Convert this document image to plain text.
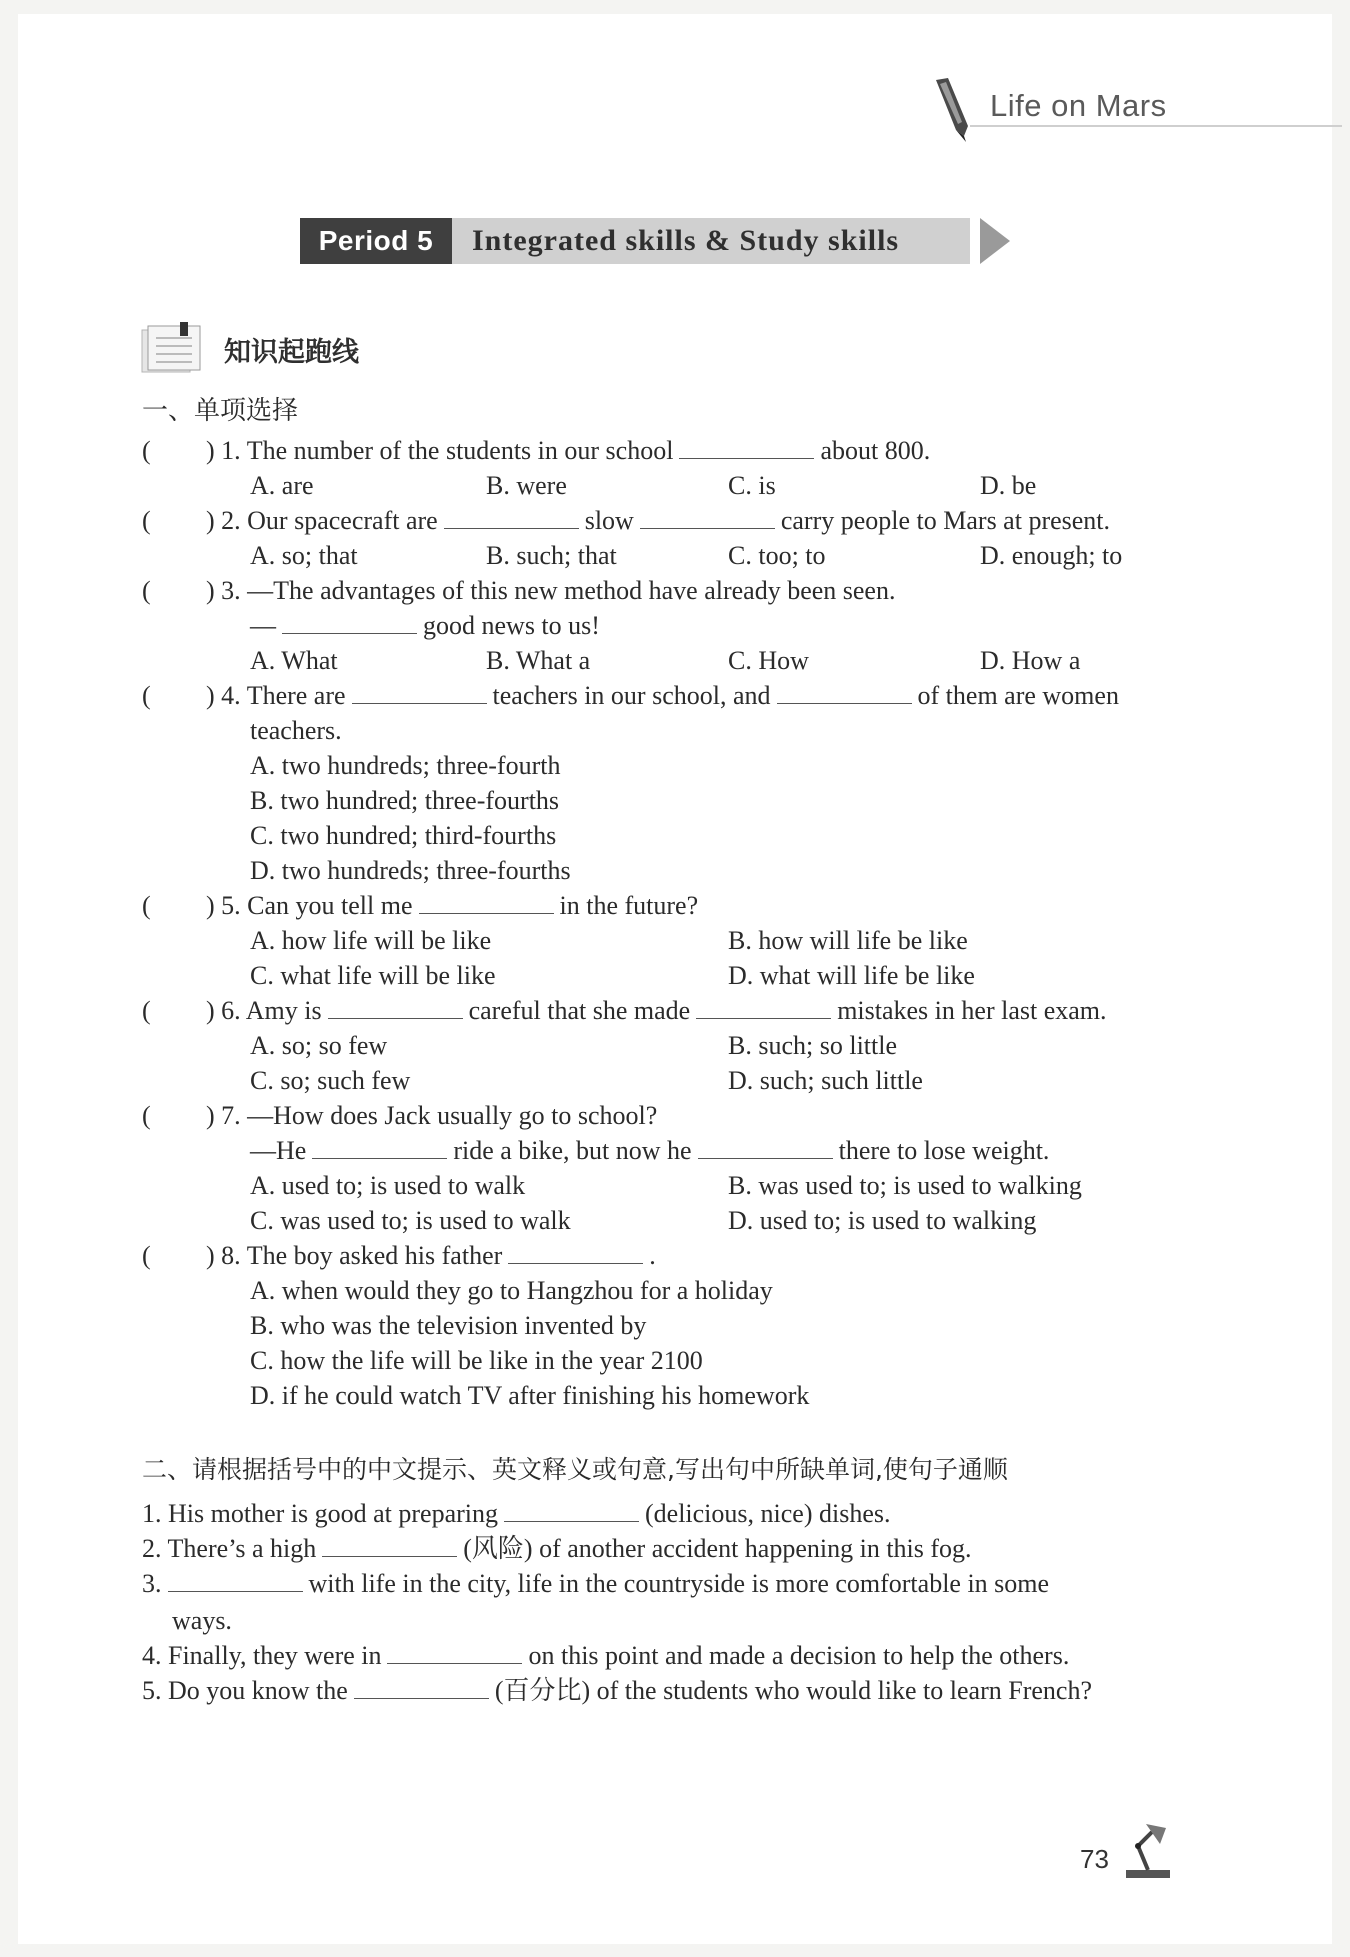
Life on Mars
Period 5	Integrated skills & Study skills
知识起跑线
一、单项选择
( ) 1. The number of the students in our school	about 800.
A. are	B. were	C. is	D. be
( ) 2. Our spacecraft are	slow	carry people to Mars at present.
A. so; that	B. such; that	C. too; to	D. enough; to
( ) 3. —The advantages of this new method have already been seen.
—	good news to us!
A. What	B. What a	C. How	D. How a
( ) 4. There are	teachers in our school, and	of them are women
teachers.
A. two hundreds; three-fourth
B. two hundred; three-fourths
C. two hundred; third-fourths
D. two hundreds; three-fourths
( ) 5. Can you tell me	in the future?
A. how life will be like	B. how will life be like
C. what life will be like	D. what will life be like
( ) 6. Amy is	careful that she made	mistakes in her last exam.
A. so; so few	B. such; so little
C. so; such few	D. such; such little
( ) 7. —How does Jack usually go to school?
—He	ride a bike, but now he	there to lose weight.
A. used to; is used to walk	B. was used to; is used to walking
C. was used to; is used to walk	D. used to; is used to walking
( ) 8. The boy asked his father	.
A. when would they go to Hangzhou for a holiday
B. who was the television invented by
C. how the life will be like in the year 2100
D. if he could watch TV after finishing his homework
二、请根据括号中的中文提示、英文释义或句意,写出句中所缺单词,使句子通顺
1. His mother is good at preparing	(delicious, nice) dishes.
2. There’s a high	(风险) of another accident happening in this fog.
3.	with life in the city, life in the countryside is more comfortable in some
ways.
4. Finally, they were in	on this point and made a decision to help the others.
5. Do you know the	(百分比) of the students who would like to learn French?
73
